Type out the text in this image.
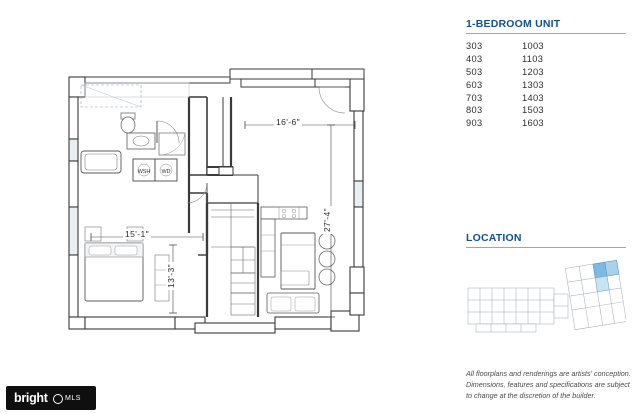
WSH WD
16'-6"
27'-4"
15'-1"
13'-3"
1-BEDROOM UNIT
303	1003
403	1103
503	1203
603	1303
703	1403
803	1503
903	1603
LOCATION
All floorplans and renderings are artists' conception.
Dimensions, features and specifications are subject
to change at the discretion of the builder.
bright MLS
